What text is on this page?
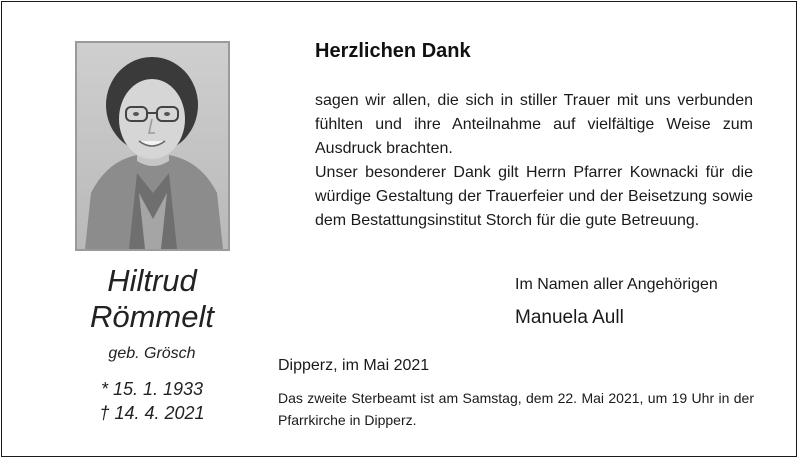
Hiltrud
Römmelt
geb. Grösch
* 15. 1. 1933
† 14. 4. 2021
Herzlichen Dank
sagen wir allen, die sich in stiller Trauer mit uns verbunden fühlten und ihre Anteilnahme auf vielfältige Weise zum Ausdruck brachten.
Unser besonderer Dank gilt Herrn Pfarrer Kownacki für die würdige Gestaltung der Trauerfeier und der Beisetzung sowie dem Bestattungsinstitut Storch für die gute Betreuung.
Im Namen aller Angehörigen
Manuela Aull
Dipperz, im Mai 2021
Das zweite Sterbeamt ist am Samstag, dem 22. Mai 2021, um 19 Uhr in der Pfarrkirche in Dipperz.
